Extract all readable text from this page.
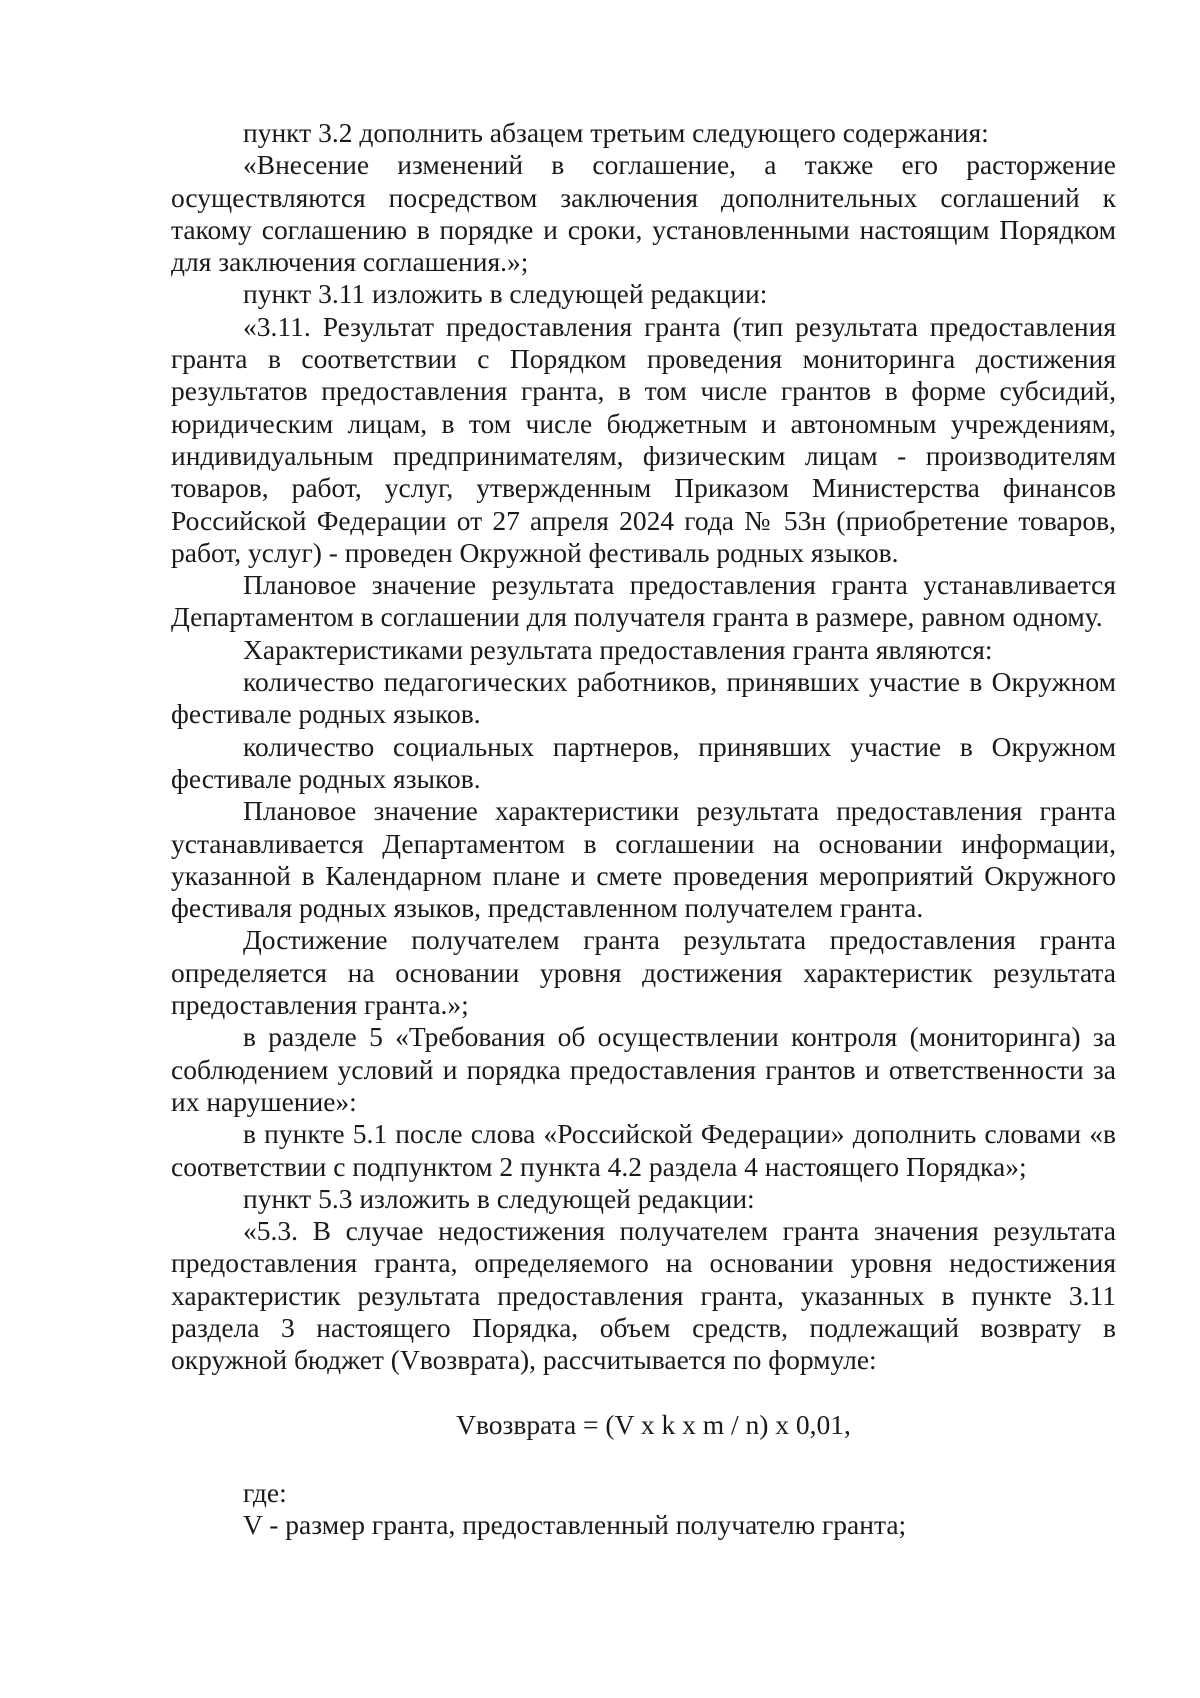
пункт 3.2 дополнить абзацем третьим следующего содержания:

«Внесение изменений в соглашение, а также его расторжение осуществляются посредством заключения дополнительных соглашений к такому соглашению в порядке и сроки, установленными настоящим Порядком для заключения соглашения.»;

пункт 3.11 изложить в следующей редакции:

«3.11. Результат предоставления гранта (тип результата предоставления гранта в соответствии с Порядком проведения мониторинга достижения результатов предоставления гранта, в том числе грантов в форме субсидий, юридическим лицам, в том числе бюджетным и автономным учреждениям, индивидуальным предпринимателям, физическим лицам - производителям товаров, работ, услуг, утвержденным Приказом Министерства финансов Российской Федерации от 27 апреля 2024 года № 53н (приобретение товаров, работ, услуг) - проведен Окружной фестиваль родных языков.

Плановое значение результата предоставления гранта устанавливается Департаментом в соглашении для получателя гранта в размере, равном одному.

Характеристиками результата предоставления гранта являются:

количество педагогических работников, принявших участие в Окружном фестивале родных языков.

количество социальных партнеров, принявших участие в Окружном фестивале родных языков.

Плановое значение характеристики результата предоставления гранта устанавливается Департаментом в соглашении на основании информации, указанной в Календарном плане и смете проведения мероприятий Окружного фестиваля родных языков, представленном получателем гранта.

Достижение получателем гранта результата предоставления гранта определяется на основании уровня достижения характеристик результата предоставления гранта.»;

в разделе 5 «Требования об осуществлении контроля (мониторинга) за соблюдением условий и порядка предоставления грантов и ответственности за их нарушение»:

в пункте 5.1 после слова «Российской Федерации» дополнить словами «в соответствии с подпунктом 2 пункта 4.2 раздела 4 настоящего Порядка»;

пункт 5.3 изложить в следующей редакции:

«5.3. В случае недостижения получателем гранта значения результата предоставления гранта, определяемого на основании уровня недостижения характеристик результата предоставления гранта, указанных в пункте 3.11 раздела 3 настоящего Порядка, объем средств, подлежащий возврату в окружной бюджет (Vвозврата), рассчитывается по формуле:

Vвозврата = (V x k x m / n) x 0,01,

где:

V - размер гранта, предоставленный получателю гранта;
